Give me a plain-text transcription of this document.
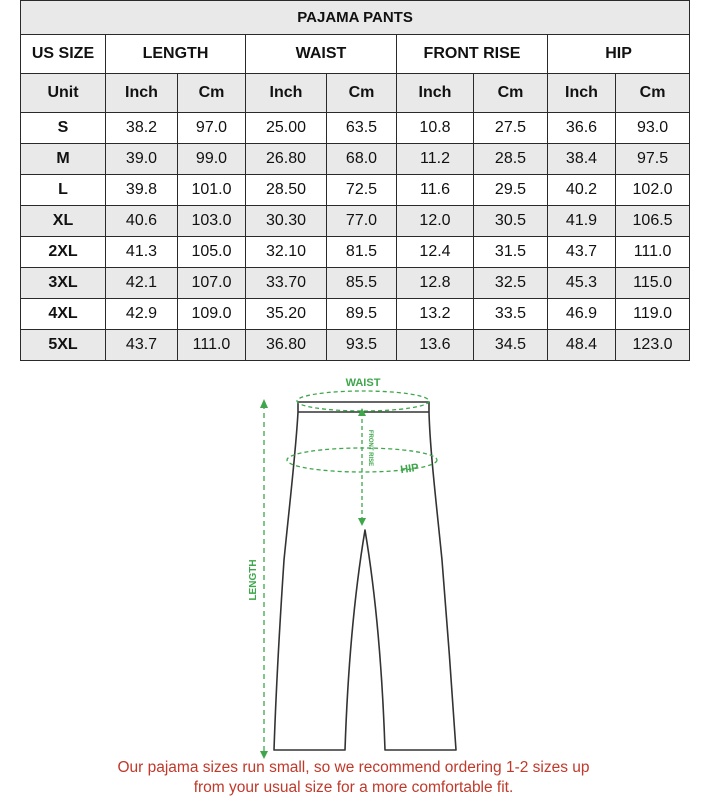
PAJAMA PANTS								
US SIZE	LENGTH		WAIST		FRONT RISE		HIP	
Unit	Inch	Cm	Inch	Cm	Inch	Cm	Inch	Cm
S	38.2	97.0	25.00	63.5	10.8	27.5	36.6	93.0
M	39.0	99.0	26.80	68.0	11.2	28.5	38.4	97.5
L	39.8	101.0	28.50	72.5	11.6	29.5	40.2	102.0
XL	40.6	103.0	30.30	77.0	12.0	30.5	41.9	106.5
2XL	41.3	105.0	32.10	81.5	12.4	31.5	43.7	111.0
3XL	42.1	107.0	33.70	85.5	12.8	32.5	45.3	115.0
4XL	42.9	109.0	35.20	89.5	13.2	33.5	46.9	119.0
5XL	43.7	111.0	36.80	93.5	13.6	34.5	48.4	123.0
WAIST
HIP
FRONT RISE
LENGTH
Our pajama sizes run small, so we recommend ordering 1-2 sizes up
from your usual size for a more comfortable fit.
